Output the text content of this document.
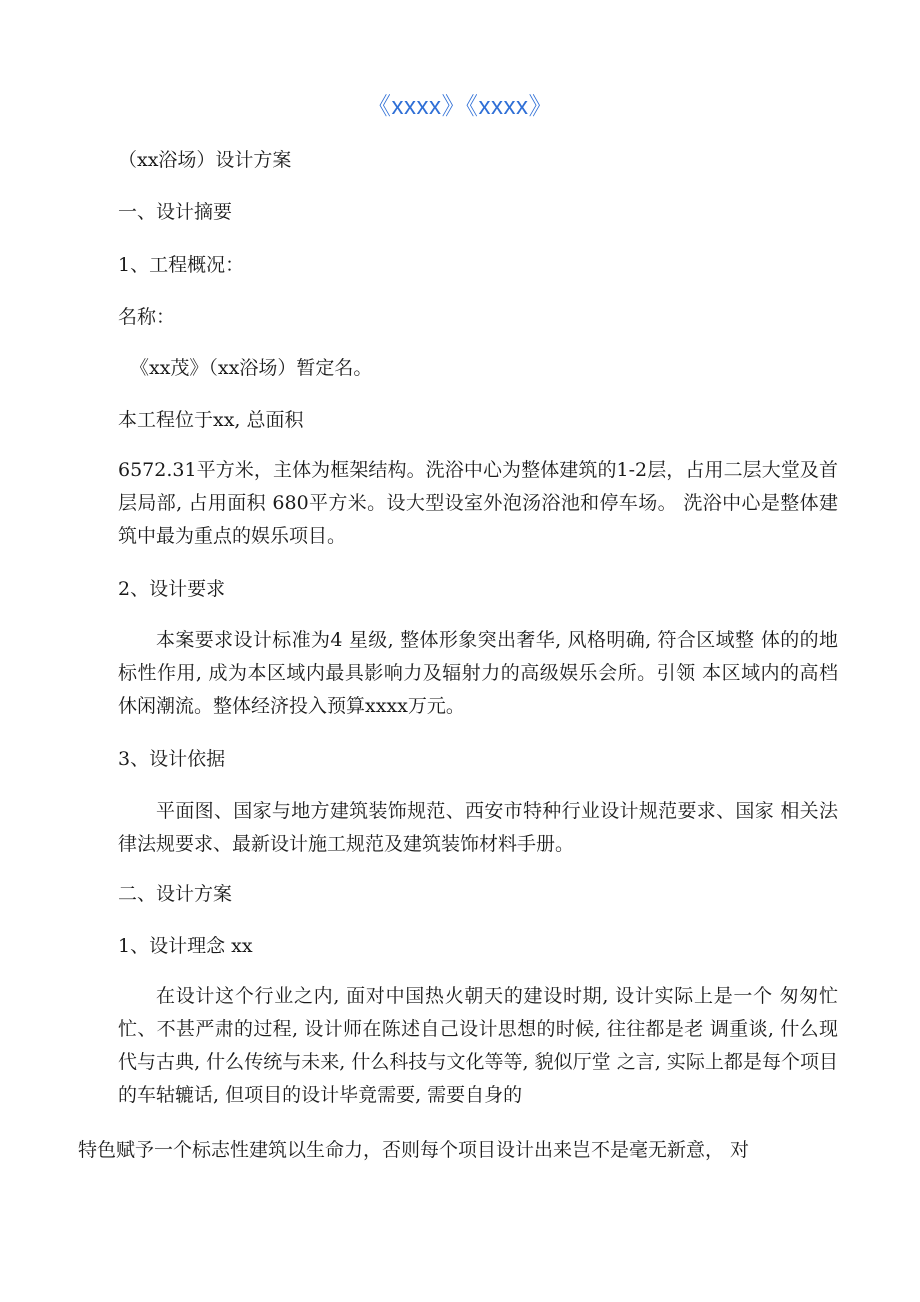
《xxxx》《xxxx》
（xx浴场）设计方案
一、设计摘要
1、工程概况：
名称：
《xx茂》（xx浴场）暂定名。
本工程位于xx, 总面积
6572.31平方米，主体为框架结构。洗浴中心为整体建筑的1-2层，占用二层大堂及首层局部, 占用面积 680平方米。设大型设室外泡汤浴池和停车场。 洗浴中心是整体建筑中最为重点的娱乐项目。
2、设计要求
本案要求设计标准为4 星级, 整体形象突出奢华, 风格明确, 符合区域整 体的的地标性作用, 成为本区域内最具影响力及辐射力的高级娱乐会所。引领 本区域内的高档休闲潮流。整体经济投入预算xxxx万元。
3、设计依据
平面图、国家与地方建筑装饰规范、西安市特种行业设计规范要求、国家 相关法律法规要求、最新设计施工规范及建筑装饰材料手册。
二、设计方案
1、设计理念 xx
在设计这个行业之内, 面对中国热火朝天的建设时期, 设计实际上是一个 匆匆忙忙、不甚严肃的过程, 设计师在陈述自己设计思想的时候, 往往都是老 调重谈, 什么现代与古典, 什么传统与未来, 什么科技与文化等等, 貌似厅堂 之言, 实际上都是每个项目的车轱辘话, 但项目的设计毕竟需要, 需要自身的
特色赋予一个标志性建筑以生命力，否则每个项目设计出来岂不是毫无新意， 对
